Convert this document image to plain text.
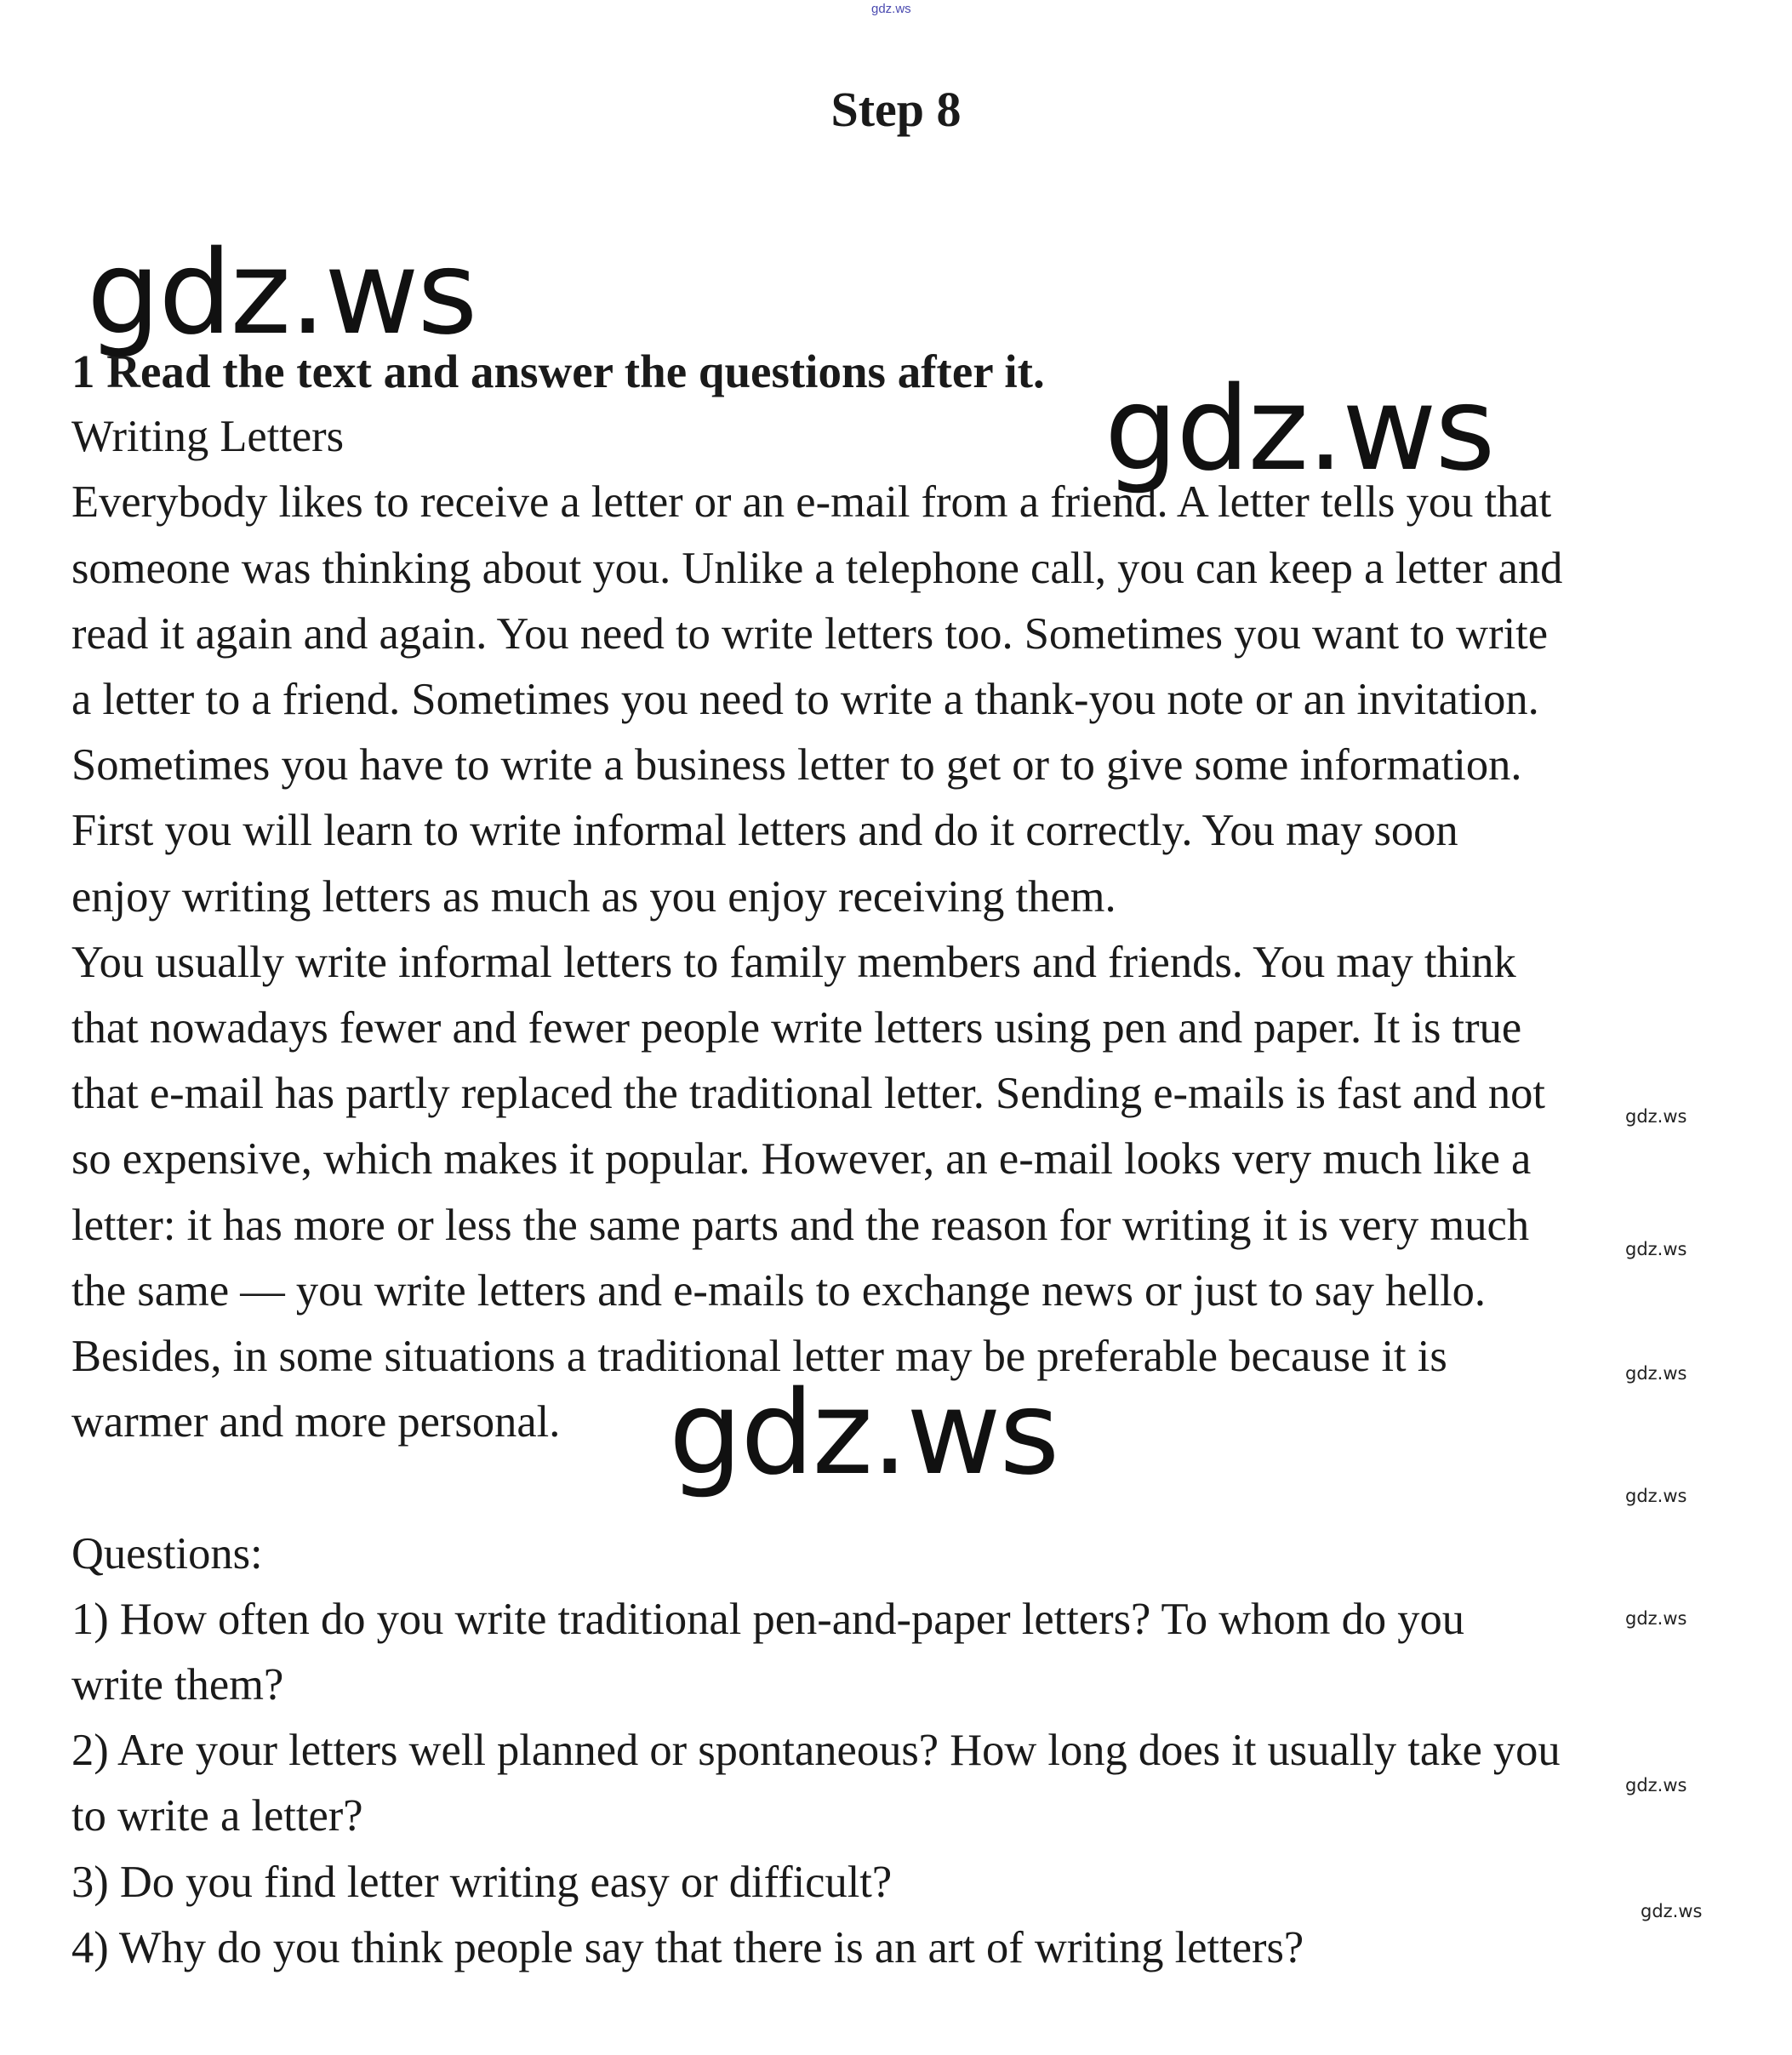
gdz.ws
Step 8
gdz.ws
gdz.ws
gdz.ws
gdz.ws
gdz.ws
gdz.ws
gdz.ws
gdz.ws
gdz.ws
gdz.ws

1 Read the text and answer the questions after it.

Writing Letters

Everybody likes to receive a letter or an e-mail from a friend. A letter tells you that

someone was thinking about you. Unlike a telephone call, you can keep a letter and

read it again and again. You need to write letters too. Sometimes you want to write

a letter to a friend. Sometimes you need to write a thank-you note or an invitation.

Sometimes you have to write a business letter to get or to give some information.

First you will learn to write informal letters and do it correctly. You may soon

enjoy writing letters as much as you enjoy receiving them.

You usually write informal letters to family members and friends. You may think

that nowadays fewer and fewer people write letters using pen and paper. It is true

that e-mail has partly replaced the traditional letter. Sending e-mails is fast and not

so expensive, which makes it popular. However, an e-mail looks very much like a

letter: it has more or less the same parts and the reason for writing it is very much

the same — you write letters and e-mails to exchange news or just to say hello.

Besides, in some situations a traditional letter may be preferable because it is

warmer and more personal.

Questions:

1) How often do you write traditional pen-and-paper letters? To whom do you

write them?

2) Are your letters well planned or spontaneous? How long does it usually take you

to write a letter?

3) Do you find letter writing easy or difficult?

4) Why do you think people say that there is an art of writing letters?
